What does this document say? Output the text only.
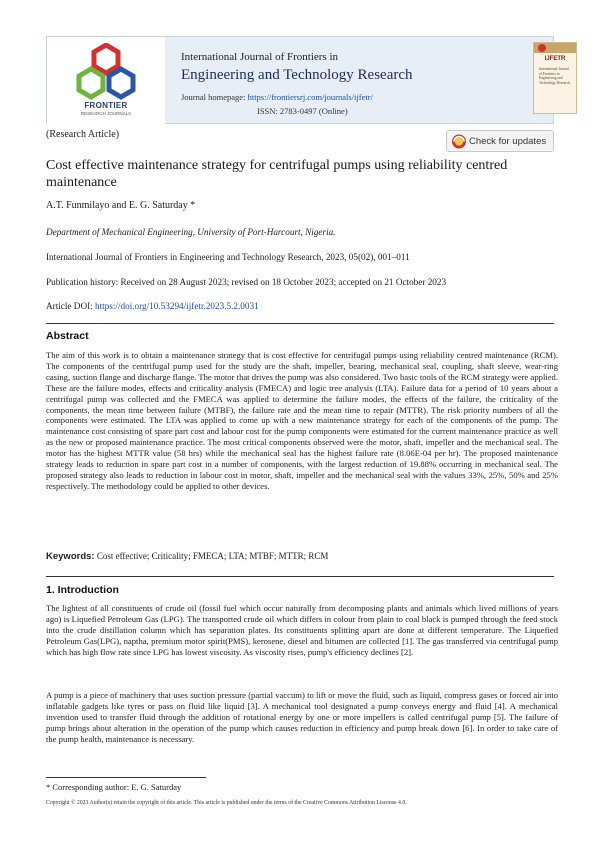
FRONTIER
RESEARCH JOURNALS
International Journal of Frontiers in
Engineering and Technology Research
Journal homepage: https://frontiersrj.com/journals/ijfetr/
ISSN: 2783-0497 (Online)
IJFETR
International Journal of Frontiers in Engineering and Technology Research
(Research Article)
Check for updates
Cost effective maintenance strategy for centrifugal pumps using reliability centred maintenance
A.T. Funmilayo and E. G. Saturday *
Department of Mechanical Engineering, University of Port-Harcourt, Nigeria.
International Journal of Frontiers in Engineering and Technology Research, 2023, 05(02), 001–011
Publication history: Received on 28 August 2023; revised on 18 October 2023; accepted on 21 October 2023
Article DOI: https://doi.org/10.53294/ijfetr.2023.5.2.0031
Abstract
The aim of this work is to obtain a maintenance strategy that is cost effective for centrifugal pumps using reliability centred maintenance (RCM). The components of the centrifugal pump used for the study are the shaft, impeller, bearing, mechanical seal, coupling, shaft sleeve, wear-ring casing, suction flange and discharge flange. The motor that drives the pump was also considered. Two basic tools of the RCM strategy were applied. These are the failure modes, effects and criticality analysis (FMECA) and logic tree analysis (LTA). Failure data for a period of 10 years about a centrifugal pump was collected and the FMECA was applied to determine the failure modes, the effects of the failure, the criticality of the components, the mean time between failure (MTBF), the failure rate and the mean time to repair (MTTR). The risk priority numbers of all the components were estimated. The LTA was applied to come up with a new maintenance strategy for each of the components of the pump. The maintenance cost consisting of spare part cost and labour cost for the pump components were estimated for the current maintenance practice as well as the new or proposed maintenance practice. The most critical components observed were the motor, shaft, impeller and the mechanical seal. The motor has the highest MTTR value (58 hrs) while the mechanical seal has the highest failure rate (8.06E-04 per hr). The proposed maintenance strategy leads to reduction in spare part cost in a number of components, with the largest reduction of 19.88% occurring in mechanical seal. The proposed strategy also leads to reduction in labour cost in motor, shaft, impeller and the mechanical seal with the values 33%, 25%, 50% and 25% respectively. The methodology could be applied to other devices.
Keywords: Cost effective; Criticality; FMECA; LTA; MTBF; MTTR; RCM
1. Introduction
The lightest of all constituents of crude oil (fossil fuel which occur naturally from decomposing plants and animals which lived millions of years ago) is Liquefied Petroleum Gas (LPG). The transported crude oil which differs in colour from plain to coal black is pumped through the feed stock into the crude distillation column which has separation plates. Its constituents splitting apart are done at different temperature. The Liquefied Petroleum Gas(LPG), naptha, premium motor spirit(PMS), kerosene, diesel and bitumen are collected [1]. The gas transferred via centrifugal pump which has high flow rate since LPG has lowest viscosity. As viscosity rises, pump's efficiency declines [2].
A pump is a piece of machinery that uses suction pressure (partial vaccum) to lift or move the fluid, such as liquid, compress gases or forced air into inflatable gadgets like tyres or pass on fluid like liquid [3]. A mechanical tool designated a pump conveys energy and fluid [4]. A mechanical invention used to transfer fluid through the addition of rotational energy by one or more impellers is called centrifugal pump [5]. The failure of pump brings about alteration in the operation of the pump which causes reduction in efficiency and pump break down [6]. In order to take care of the pump health, maintenance is necessary.
* Corresponding author: E. G. Saturday
Copyright © 2023 Author(s) retain the copyright of this article. This article is published under the terms of the Creative Commons Attribution Liscense 4.0.
